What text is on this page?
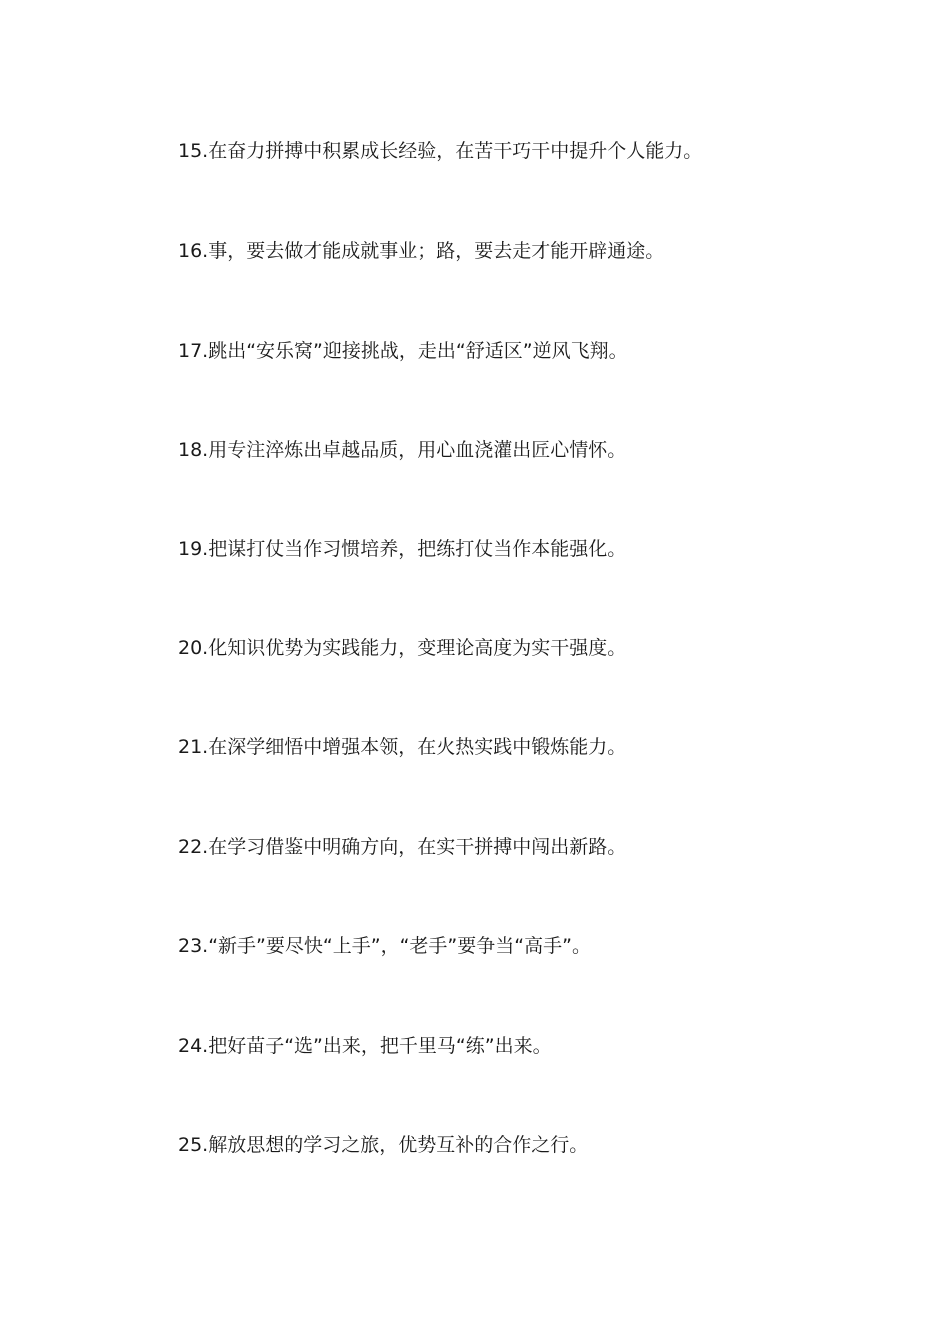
15.在奋力拼搏中积累成长经验，在苦干巧干中提升个人能力。
16.事，要去做才能成就事业；路，要去走才能开辟通途。
17.跳出“安乐窝”迎接挑战，走出“舒适区”逆风飞翔。
18.用专注淬炼出卓越品质，用心血浇灌出匠心情怀。
19.把谋打仗当作习惯培养，把练打仗当作本能强化。
20.化知识优势为实践能力，变理论高度为实干强度。
21.在深学细悟中增强本领，在火热实践中锻炼能力。
22.在学习借鉴中明确方向，在实干拼搏中闯出新路。
23.“新手”要尽快“上手”，“老手”要争当“高手”。
24.把好苗子“选”出来，把千里马“练”出来。
25.解放思想的学习之旅，优势互补的合作之行。
